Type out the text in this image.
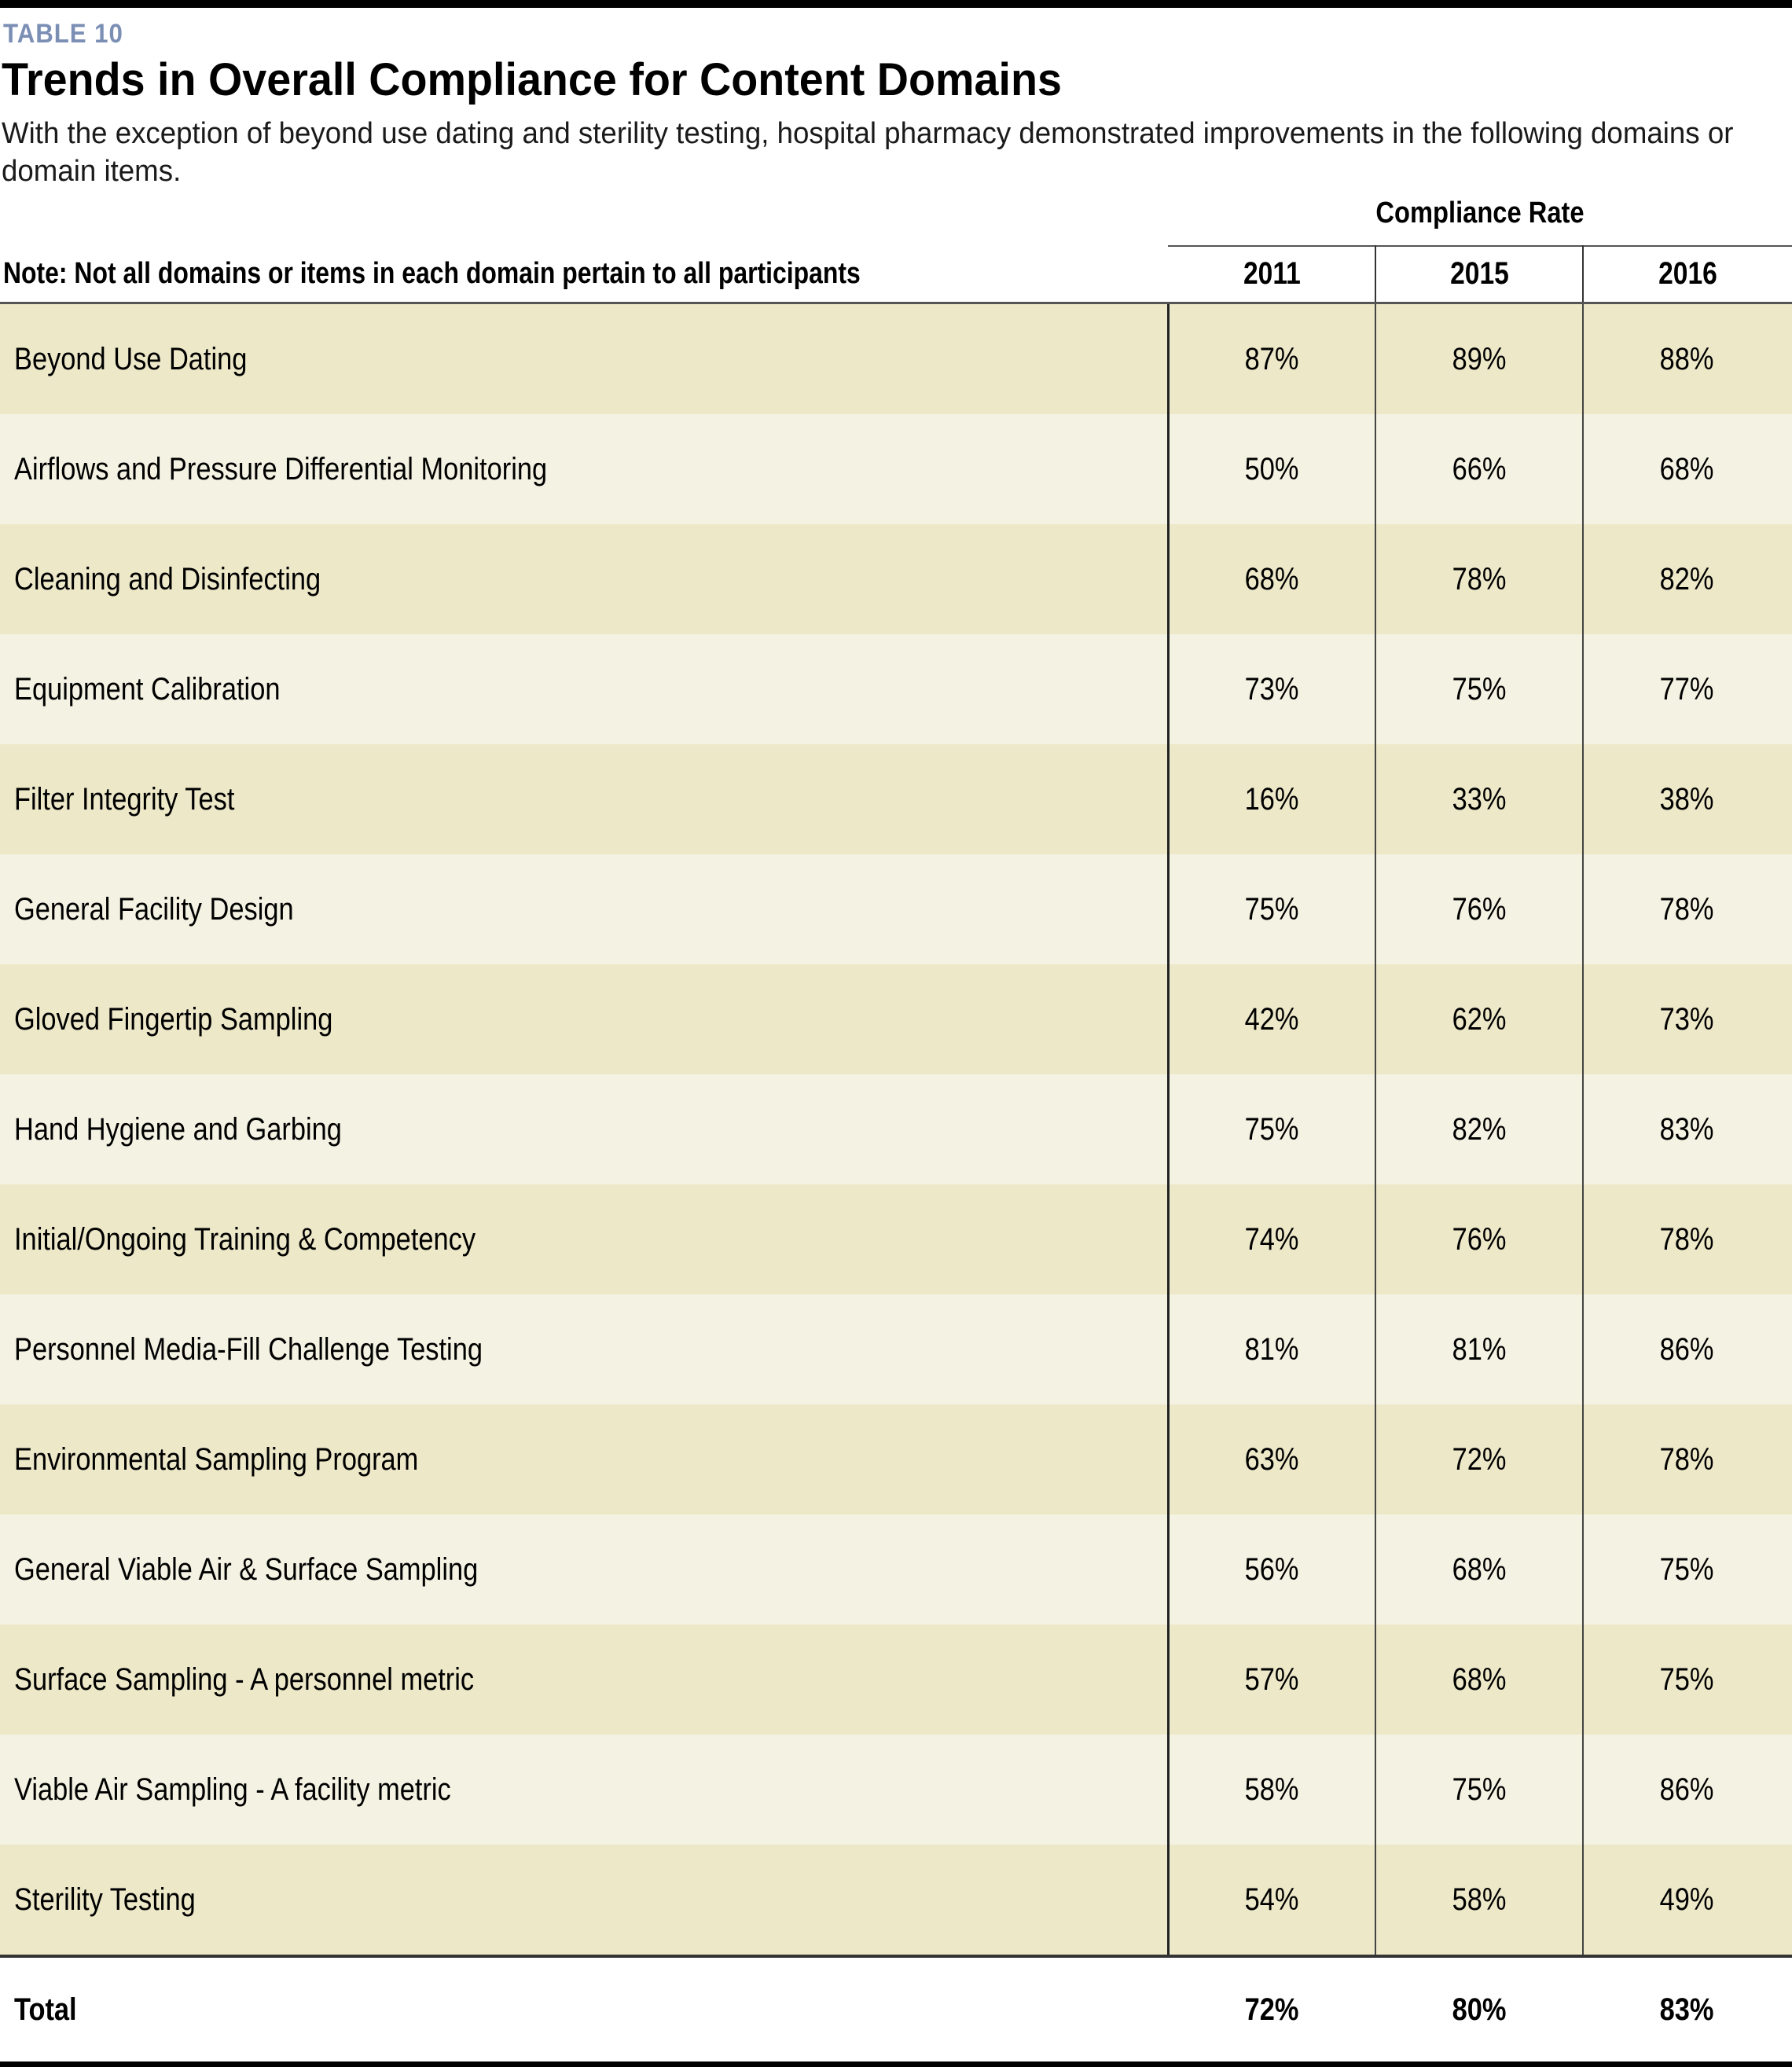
TABLE 10
Trends in Overall Compliance for Content Domains
With the exception of beyond use dating and sterility testing, hospital pharmacy demonstrated improvements in the following domains or domain items.
Compliance Rate
Note: Not all domains or items in each domain pertain to all participants	2011	2015	2016
Beyond Use Dating	87%	89%	88%
Airflows and Pressure Differential Monitoring	50%	66%	68%
Cleaning and Disinfecting	68%	78%	82%
Equipment Calibration	73%	75%	77%
Filter Integrity Test	16%	33%	38%
General Facility Design	75%	76%	78%
Gloved Fingertip Sampling	42%	62%	73%
Hand Hygiene and Garbing	75%	82%	83%
Initial/Ongoing Training & Competency	74%	76%	78%
Personnel Media-Fill Challenge Testing	81%	81%	86%
Environmental Sampling Program	63%	72%	78%
General Viable Air & Surface Sampling	56%	68%	75%
Surface Sampling - A personnel metric	57%	68%	75%
Viable Air Sampling - A facility metric	58%	75%	86%
Sterility Testing	54%	58%	49%
Total	72%	80%	83%
